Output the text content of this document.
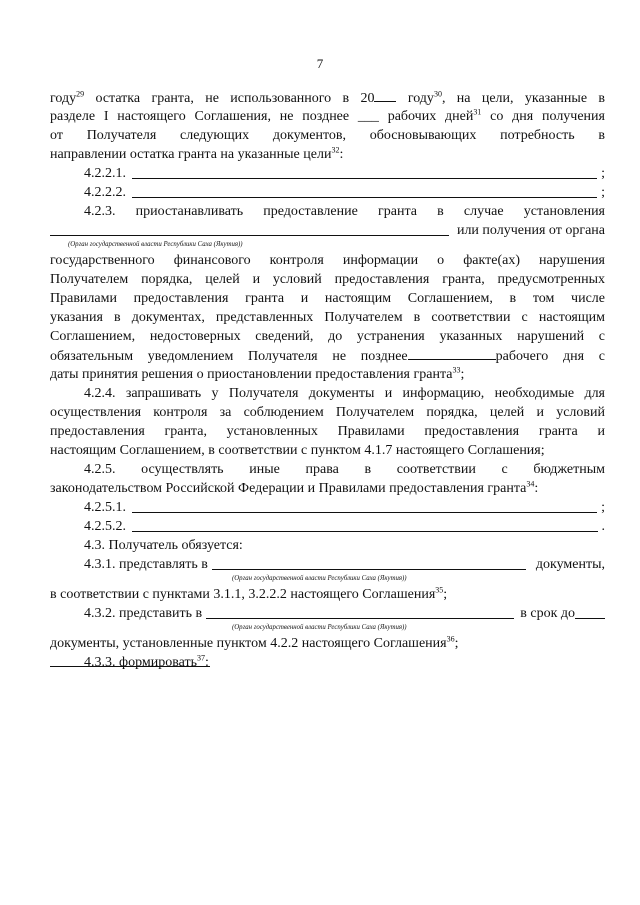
7
году$^{29}$ остатка гранта, не использованного в 20 году$^{30}$, на цели, указанные в
разделе I настоящего Соглашения, не позднее ___ рабочих дней$^{31}$ со дня получения
от Получателя следующих документов, обосновывающих потребность в
направлении остатка гранта на указанные цели$^{32}$:
4.2.2.1.	;
4.2.2.2.	;
4.2.3. приостанавливать предоставление гранта в случае установления
или получения от органа
(Орган государственной власти Республики Саха (Якутия))
государственного финансового контроля информации о факте(ах) нарушения
Получателем порядка, целей и условий предоставления гранта, предусмотренных
Правилами предоставления гранта и настоящим Соглашением, в том числе
указания в документах, представленных Получателем в соответствии с настоящим
Соглашением, недостоверных сведений, до устранения указанных нарушений с
обязательным уведомлением Получателя не позднее	рабочего дня с
даты принятия решения о приостановлении предоставления гранта$^{33}$;
4.2.4. запрашивать у Получателя документы и информацию, необходимые для
осуществления контроля за соблюдением Получателем порядка, целей и условий
предоставления гранта, установленных Правилами предоставления гранта и
настоящим Соглашением, в соответствии с пунктом 4.1.7 настоящего Соглашения;
4.2.5. осуществлять иные права в соответствии с бюджетным
законодательством Российской Федерации и Правилами предоставления гранта$^{34}$:
4.2.5.1.	;
4.2.5.2.	.
4.3. Получатель обязуется:
4.3.1. представлять в	документы,
(Орган государственной власти Республики Саха (Якутия))
в соответствии с пунктами 3.1.1, 3.2.2.2 настоящего Соглашения$^{35}$;
4.3.2. представить в	в срок до
(Орган государственной власти Республики Саха (Якутия))
документы, установленные пунктом 4.2.2 настоящего Соглашения$^{36}$;
4.3.3. формировать$^{37}$:
